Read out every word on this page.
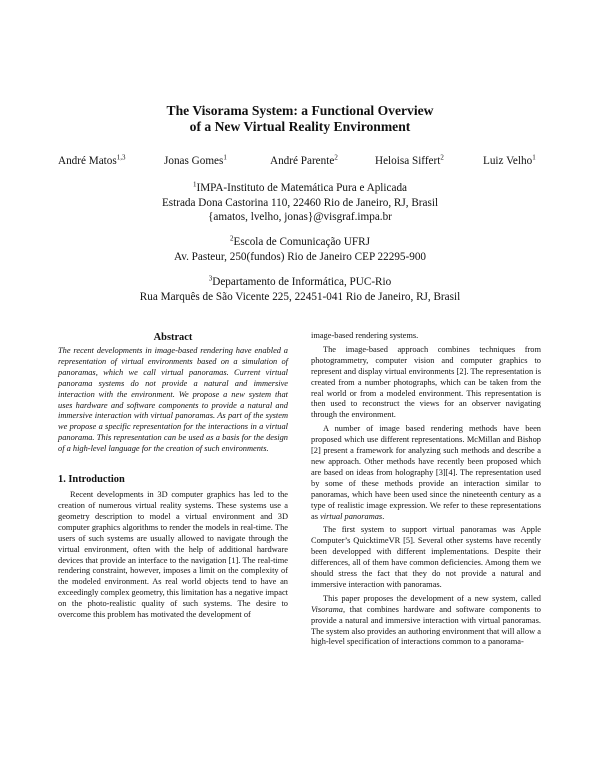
The Visorama System: a Functional Overview
of a New Virtual Reality Environment
André Matos$^{1,3}$	Jonas Gomes$^1$	André Parente$^2$	Heloisa Siffert$^2$	Luiz Velho$^1$
$^1$IMPA-Instituto de Matemática Pura e Aplicada
Estrada Dona Castorina 110, 22460 Rio de Janeiro, RJ, Brasil
{amatos, lvelho, jonas}@visgraf.impa.br
$^2$Escola de Comunicação UFRJ
Av. Pasteur, 250(fundos) Rio de Janeiro CEP 22295-900
$^3$Departamento de Informática, PUC-Rio
Rua Marquês de São Vicente 225, 22451-041 Rio de Janeiro, RJ, Brasil
Abstract

The recent developments in image-based rendering have enabled a representation of virtual environments based on a simulation of panoramas, which we call virtual panoramas. Current virtual panorama systems do not provide a natural and immersive interaction with the environment. We propose a new system that uses hardware and software components to provide a natural and immersive interaction with virtual panoramas. As part of the system we propose a specific representation for the interactions in a virtual panorama. This representation can be used as a basis for the design of a high-level language for the creation of such environments.

1. Introduction

Recent developments in 3D computer graphics has led to the creation of numerous virtual reality systems. These systems use a geometry description to model a virtual environment and 3D computer graphics algorithms to render the models in real-time. The users of such systems are usually allowed to navigate through the virtual environment, often with the help of additional hardware devices that provide an interface to the navigation [1]. The real-time rendering constraint, however, imposes a limit on the complexity of the modeled environment. As real world objects tend to have an exceedingly complex geometry, this limitation has a negative impact on the photo-realistic quality of such systems. The desire to overcome this problem has motivated the development of

image-based rendering systems.

The image-based approach combines techniques from photogrammetry, computer vision and computer graphics to represent and display virtual environments [2]. The representation is created from a number photographs, which can be taken from the real world or from a modeled environment. This representation is then used to reconstruct the views for an observer navigating through the environment.

A number of image based rendering methods have been proposed which use different representations. McMillan and Bishop [2] present a framework for analyzing such methods and describe a new approach. Other methods have recently been proposed which are based on ideas from holography [3][4]. The representation used by some of these methods provide an interaction similar to panoramas, which have been used since the nineteenth century as a type of realistic image expression. We refer to these representations as virtual panoramas.

The first system to support virtual panoramas was Apple Computer’s QuicktimeVR [5]. Several other systems have recently been developped with different implementations. Despite their differences, all of them have common deficiencies. Among them we should stress the fact that they do not provide a natural and immersive interaction with panoramas.

This paper proposes the development of a new system, called Visorama, that combines hardware and software components to provide a natural and immersive interaction with virtual panoramas. The system also provides an authoring environment that will allow a high-level specification of interactions common to a panorama-
